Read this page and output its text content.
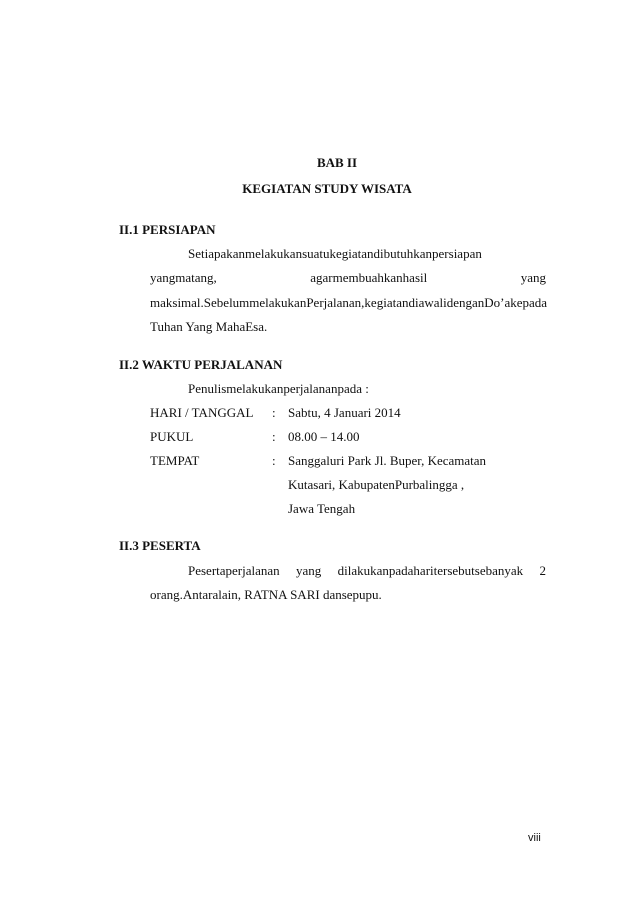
BAB II
KEGIATAN STUDY WISATA
II.1 PERSIAPAN
Setiapakanmelakukansuatukegiatandibutuhkanpersiapan
yangmatang,	agarmembuahkanhasil	yang
maksimal.SebelummelakukanPerjalanan,kegiatandiawalidenganDo’akepada
Tuhan Yang MahaEsa.
II.2 WAKTU PERJALANAN
Penulismelakukanperjalananpada :
HARI / TANGGAL : Sabtu, 4 Januari 2014
PUKUL	: 08.00 – 14.00
TEMPAT	: Sanggaluri Park Jl. Buper, Kecamatan
Kutasari, KabupatenPurbalingga ,
Jawa Tengah
II.3 PESERTA
Pesertaperjalanan yang dilakukanpadaharitersebutsebanyak 2
orang.Antaralain, RATNA SARI dansepupu.
viii
